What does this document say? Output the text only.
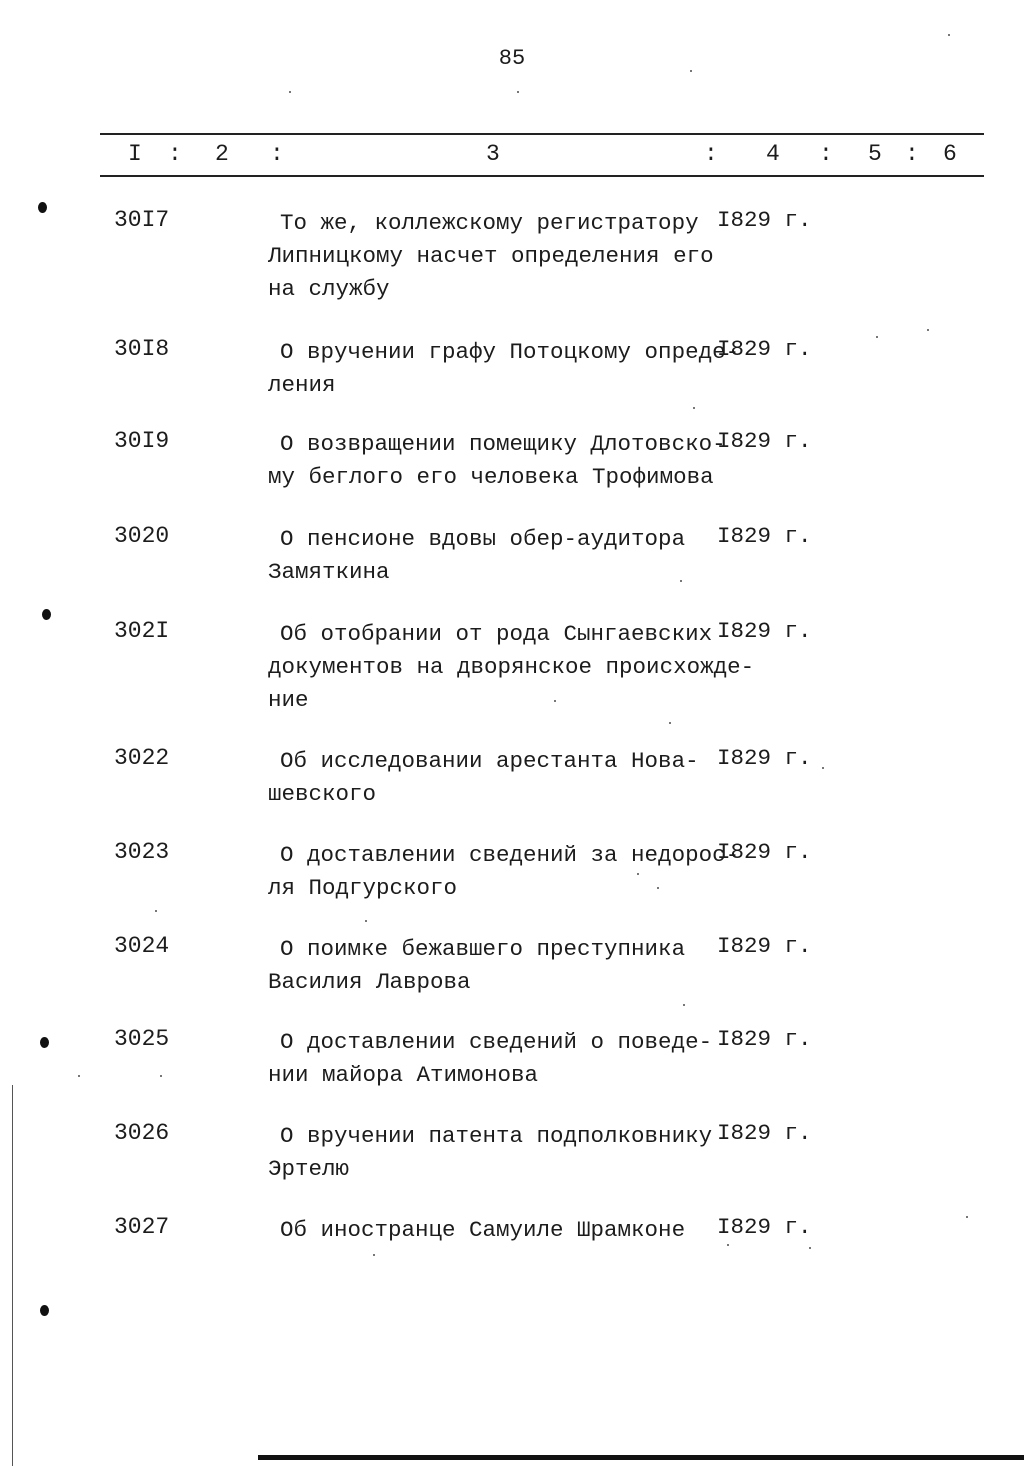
85
I : 2 :	3	: 4 : 5 : 6
30I7	То же, коллежскому регистратору
Липницкому насчет определения его
на службу
I829 г.
30I8	О вручении графу Потоцкому опреде-
ления
I829 г.
30I9	О возвращении помещику Длотовско-
му беглого его человека Трофимова
I829 г.
3020	О пенсионе вдовы обер-аудитора
Замяткина
I829 г.
302I	Об отобрании от рода Сынгаевских
документов на дворянское происхожде-
ние
I829 г.
3022	Об исследовании арестанта Нова-
шевского
I829 г.
3023	О доставлении сведений за недорос-
ля Подгурского
I829 г.
3024	О поимке бежавшего преступника
Василия Лаврова
I829 г.
3025	О доставлении сведений о поведе-
нии майора Атимонова
I829 г.
3026	О вручении патента подполковнику
Эртелю
I829 г.
3027	Об иностранце Самуиле Шрамконе	I829 г.
